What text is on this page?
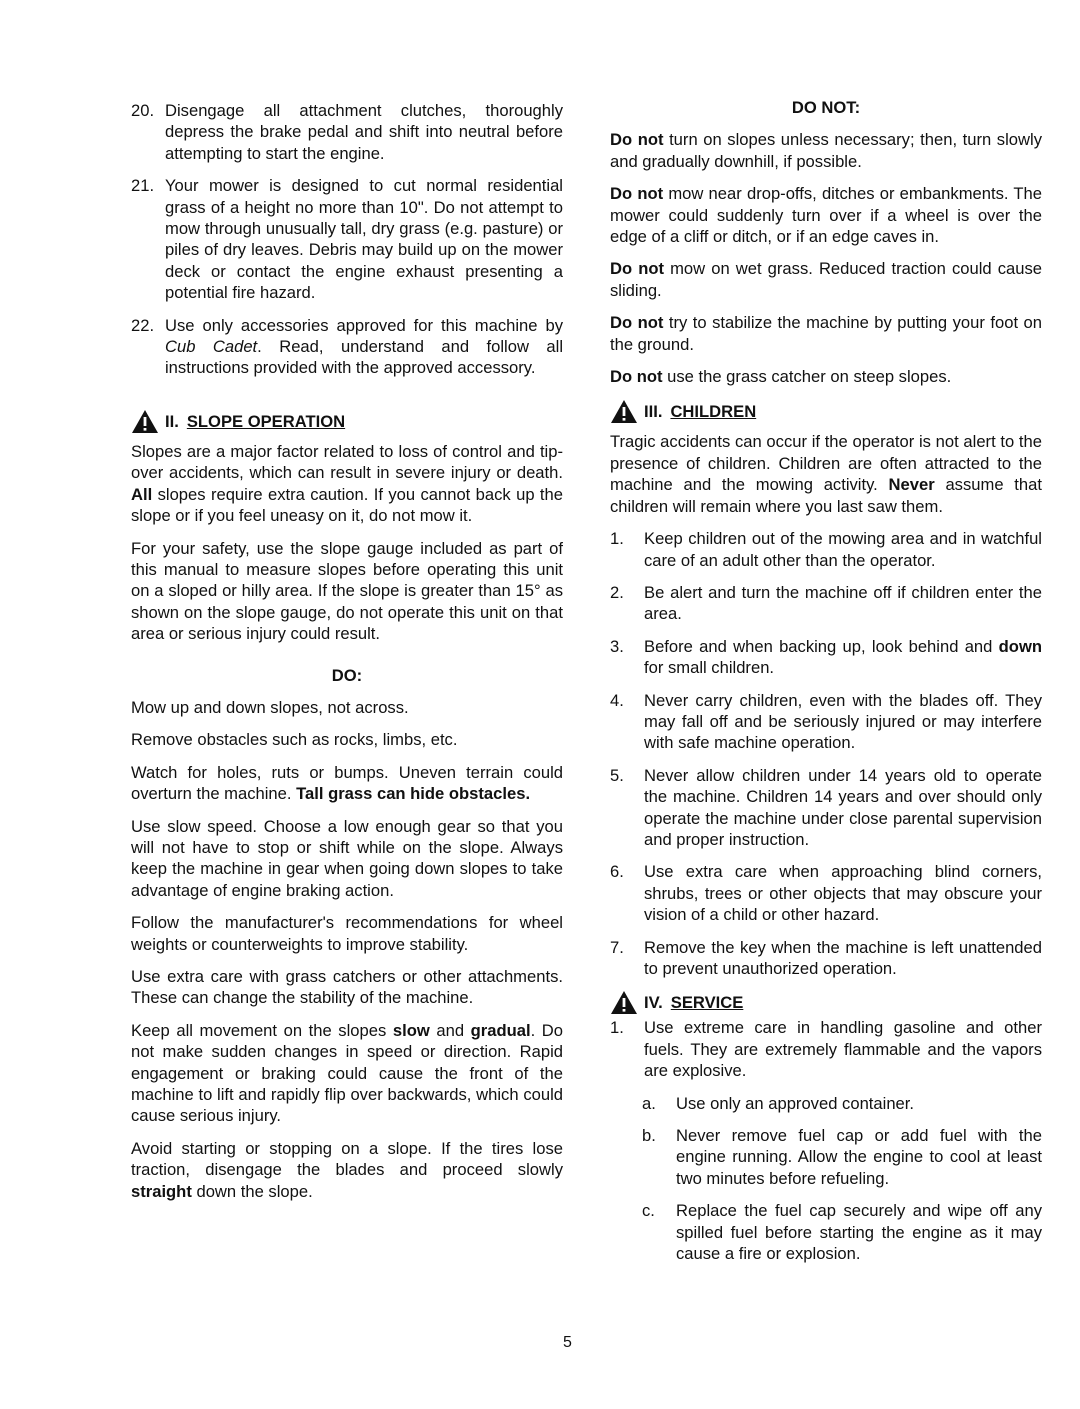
20. Disengage all attachment clutches, thoroughly depress the brake pedal and shift into neutral before attempting to start the engine.
21. Your mower is designed to cut normal residential grass of a height no more than 10". Do not attempt to mow through unusually tall, dry grass (e.g. pasture) or piles of dry leaves. Debris may build up on the mower deck or contact the engine exhaust presenting a potential fire hazard.
22. Use only accessories approved for this machine by Cub Cadet. Read, understand and follow all instructions provided with the approved accessory.
II. SLOPE OPERATION

Slopes are a major factor related to loss of control and tip-over accidents, which can result in severe injury or death. All slopes require extra caution. If you cannot back up the slope or if you feel uneasy on it, do not mow it.

For your safety, use the slope gauge included as part of this manual to measure slopes before operating this unit on a sloped or hilly area. If the slope is greater than 15° as shown on the slope gauge, do not operate this unit on that area or serious injury could result.

DO:

Mow up and down slopes, not across.

Remove obstacles such as rocks, limbs, etc.

Watch for holes, ruts or bumps. Uneven terrain could overturn the machine. Tall grass can hide obstacles.

Use slow speed. Choose a low enough gear so that you will not have to stop or shift while on the slope. Always keep the machine in gear when going down slopes to take advantage of engine braking action.

Follow the manufacturer's recommendations for wheel weights or counterweights to improve stability.

Use extra care with grass catchers or other attachments. These can change the stability of the machine.

Keep all movement on the slopes slow and gradual. Do not make sudden changes in speed or direction. Rapid engagement or braking could cause the front of the machine to lift and rapidly flip over backwards, which could cause serious injury.

Avoid starting or stopping on a slope. If the tires lose traction, disengage the blades and proceed slowly straight down the slope.

DO NOT:

Do not turn on slopes unless necessary; then, turn slowly and gradually downhill, if possible.

Do not mow near drop-offs, ditches or embankments. The mower could suddenly turn over if a wheel is over the edge of a cliff or ditch, or if an edge caves in.

Do not mow on wet grass. Reduced traction could cause sliding.

Do not try to stabilize the machine by putting your foot on the ground.

Do not use the grass catcher on steep slopes.

III. CHILDREN

Tragic accidents can occur if the operator is not alert to the presence of children. Children are often attracted to the machine and the mowing activity. Never assume that children will remain where you last saw them.

1.	Keep children out of the mowing area and in watchful care of an adult other than the operator.
2.	Be alert and turn the machine off if children enter the area.
3.	Before and when backing up, look behind and down for small children.
4.	Never carry children, even with the blades off. They may fall off and be seriously injured or may interfere with safe machine operation.
5.	Never allow children under 14 years old to operate the machine. Children 14 years and over should only operate the machine under close parental supervision and proper instruction.
6.	Use extra care when approaching blind corners, shrubs, trees or other objects that may obscure your vision of a child or other hazard.
7.	Remove the key when the machine is left unattended to prevent unauthorized operation.
IV. SERVICE
1.	Use extreme care in handling gasoline and other fuels. They are extremely flammable and the vapors are explosive.
a.	Use only an approved container.
b.	Never remove fuel cap or add fuel with the engine running. Allow the engine to cool at least two minutes before refueling.
c.	Replace the fuel cap securely and wipe off any spilled fuel before starting the engine as it may cause a fire or explosion.
5
